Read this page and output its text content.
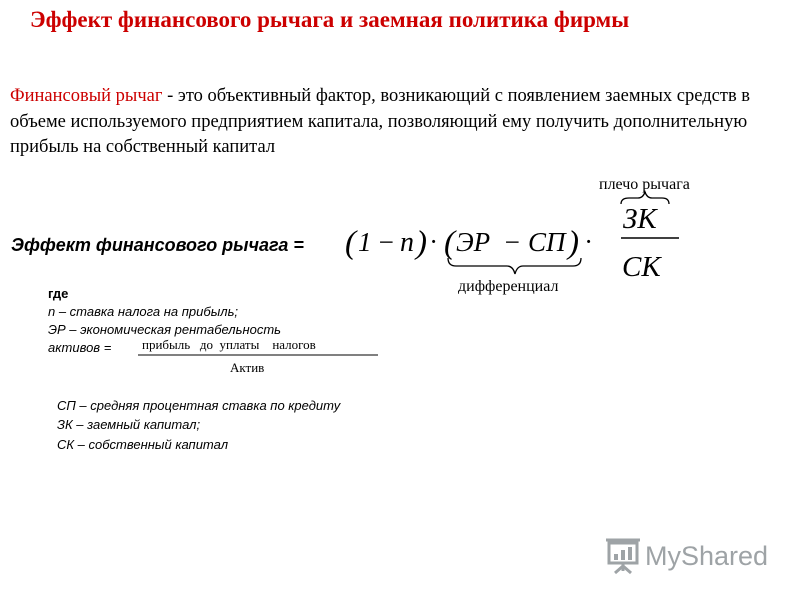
Эффект финансового рычага и заемная политика фирмы
Финансовый рычаг - это объективный фактор, возникающий с появлением заемных средств в объеме используемого предприятием капитала, позволяющий ему получить дополнительную прибыль на собственный капитал
Эффект финансового рычага = ( 1 − n ) · ( ЭР − СП ) ·
дифференциал
плечо рычага
ЗК
СК
где
n – ставка налога на прибыль;
ЭР – экономическая рентабельность
активов = прибыль   до  уплаты    налогов
Актив
СП – средняя процентная ставка по кредиту
ЗК – заемный капитал;
СК – собственный капитал
MyShared
